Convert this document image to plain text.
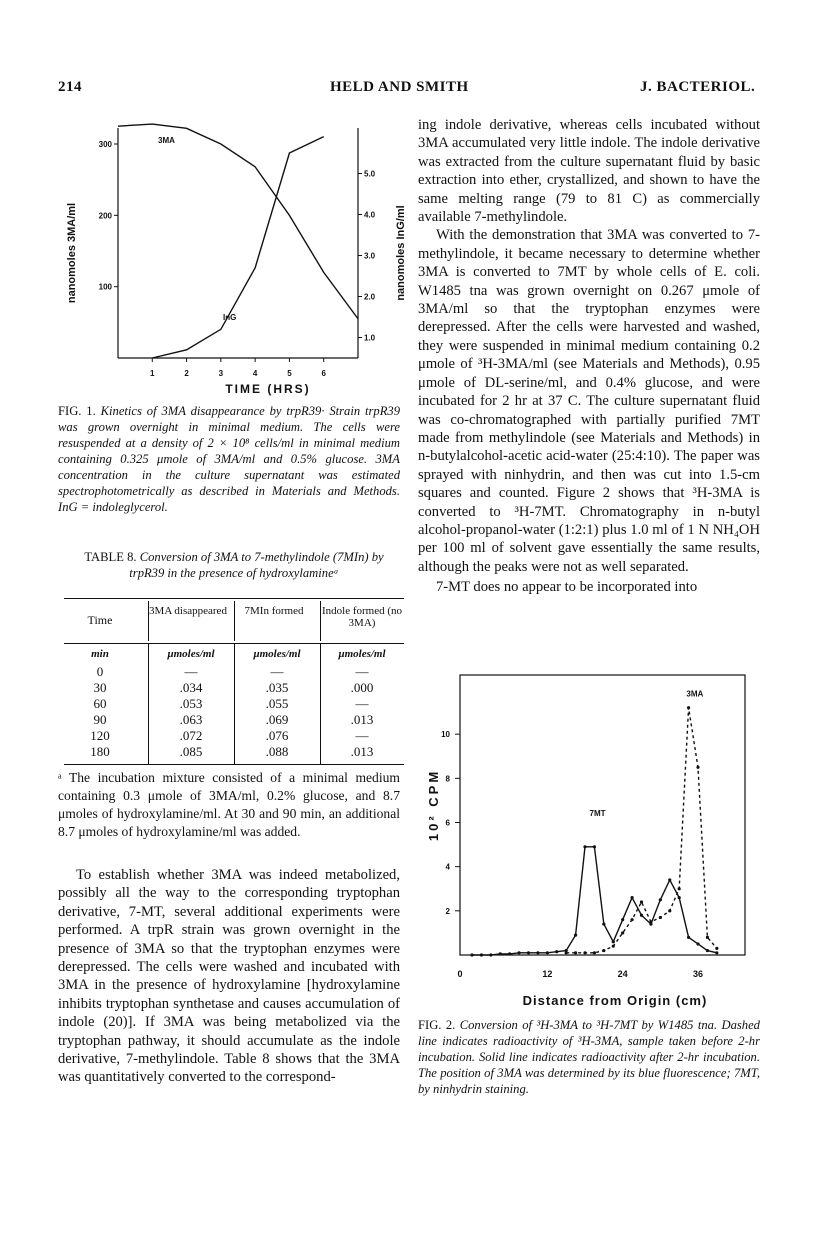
214	HELD AND SMITH	J. BACTERIOL.
300
200
100
5.0
4.0
3.0
2.0
1.0
1	2	3	4	5	6
3MA
InG
TIME (HRS)
nanomoles 3MA/ml	nanomoles InG/ml
FIG. 1. Kinetics of 3MA disappearance by trpR39· Strain trpR39 was grown overnight in minimal medium. The cells were resuspended at a density of 2 × 10⁸ cells/ml in minimal medium containing 0.325 μmole of 3MA/ml and 0.5% glucose. 3MA concentration in the culture supernatant was estimated spectrophotometrically as described in Materials and Methods. InG = indoleglycerol.
TABLE 8. Conversion of 3MA to 7-methylindole (7MIn) by trpR39 in the presence of hydroxylamineᵃ
Time
3MA disappeared	7MIn formed	Indole formed (no 3MA)
min	μmoles/ml	μmoles/ml	μmoles/ml
0	—	—	—
30	.034	.035	.000
60	.053	.055	—
90	.063	.069	.013
120	.072	.076	—
180	.085	.088	.013
ᵃ The incubation mixture consisted of a minimal medium containing 0.3 μmole of 3MA/ml, 0.2% glucose, and 8.7 μmoles of hydroxylamine/ml. At 30 and 90 min, an additional 8.7 μmoles of hydroxylamine/ml was added.

To establish whether 3MA was indeed metabolized, possibly all the way to the corresponding tryptophan derivative, 7-MT, several additional experiments were performed. A trpR strain was grown overnight in the presence of 3MA so that the tryptophan enzymes were derepressed. The cells were washed and incubated with 3MA in the presence of hydroxylamine [hydroxylamine inhibits tryptophan synthetase and causes accumulation of indole (20)]. If 3MA was being metabolized via the tryptophan pathway, it should accumulate as the indole derivative, 7-methylindole. Table 8 shows that the 3MA was quantitatively converted to the correspond-

ing indole derivative, whereas cells incubated without 3MA accumulated very little indole. The indole derivative was extracted from the culture supernatant fluid by basic extraction into ether, crystallized, and shown to have the same melting range (79 to 81 C) as commercially available 7-methylindole.

With the demonstration that 3MA was converted to 7-methylindole, it became necessary to determine whether 3MA is converted to 7MT by whole cells of E. coli. W1485 tna was grown overnight on 0.267 μmole of 3MA/ml so that the tryptophan enzymes were derepressed. After the cells were harvested and washed, they were suspended in minimal medium containing 0.2 μmole of ³H-3MA/ml (see Materials and Methods), 0.95 μmole of DL-serine/ml, and 0.4% glucose, and were incubated for 2 hr at 37 C. The culture supernatant fluid was co-chromatographed with partially purified 7MT made from methylindole (see Materials and Methods) in n-butylalcohol-acetic acid-water (25:4:10). The paper was sprayed with ninhydrin, and then was cut into 1.5-cm squares and counted. Figure 2 shows that ³H-3MA is converted to ³H-7MT. Chromatography in n-butyl alcohol-propanol-water (1:2:1) plus 1.0 ml of 1 N NH₄OH per 100 ml of solvent gave essentially the same results, although the peaks were not as well separated.

7-MT does no appear to be incorporated into

2
4
6
8
10
0	12	24	36
3MA
7MT
Distance from Origin (cm)
10² CPM
FIG. 2. Conversion of ³H-3MA to ³H-7MT by W1485 tna. Dashed line indicates radioactivity of ³H-3MA, sample taken before 2-hr incubation. Solid line indicates radioactivity after 2-hr incubation. The position of 3MA was determined by its blue fluorescence; 7MT, by ninhydrin staining.
